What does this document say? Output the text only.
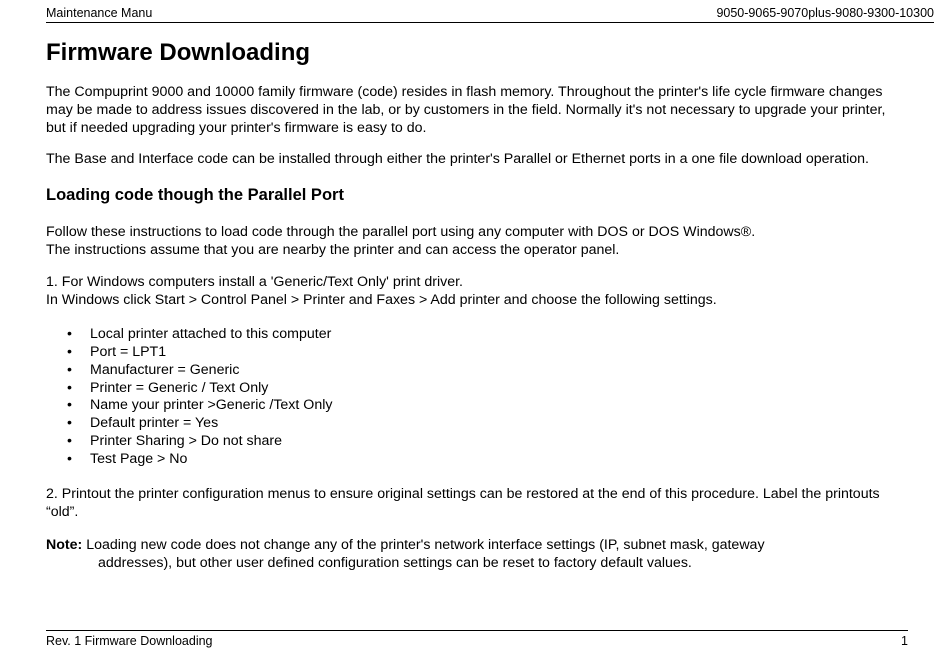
Maintenance Manu	9050-9065-9070plus-9080-9300-10300
Firmware Downloading
The Compuprint 9000 and 10000 family firmware (code) resides in flash memory. Throughout the printer's life cycle firmware changes
may be made to address issues discovered in the lab, or by customers in the field. Normally it's not necessary to upgrade your printer,
but if needed upgrading your printer's firmware is easy to do.
The Base and Interface code can be installed through either the printer's Parallel or Ethernet ports in a one file download operation.
Loading code though the Parallel Port
Follow these instructions to load code through the parallel port using any computer with DOS or DOS Windows®.
The instructions assume that you are nearby the printer and can access the operator panel.
1. For Windows computers install a 'Generic/Text Only' print driver.
In Windows click Start > Control Panel > Printer and Faxes > Add printer and choose the following settings.
• Local printer attached to this computer
• Port = LPT1
• Manufacturer = Generic
• Printer = Generic / Text Only
• Name your printer >Generic /Text Only
• Default printer = Yes
• Printer Sharing > Do not share
• Test Page > No
2. Printout the printer configuration menus to ensure original settings can be restored at the end of this procedure. Label the printouts
“old”.
Note: Loading new code does not change any of the printer's network interface settings (IP, subnet mask, gateway
addresses), but other user defined configuration settings can be reset to factory default values.
Rev. 1 Firmware Downloading	1
